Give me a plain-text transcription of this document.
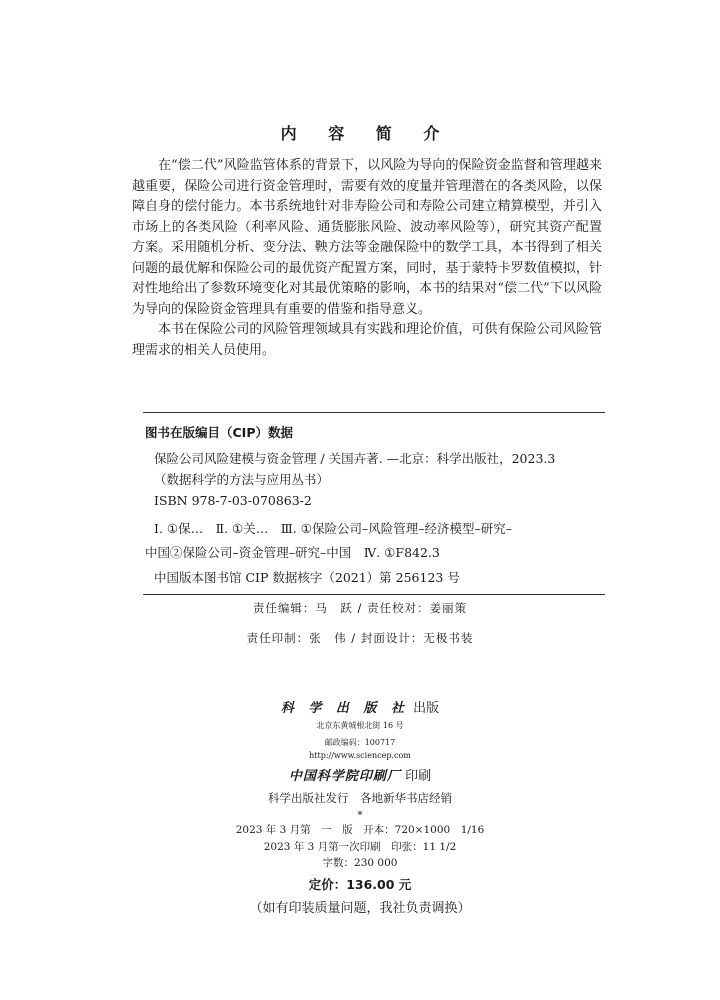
内 容 简 介

在“偿二代”风险监管体系的背景下，以风险为导向的保险资金监督和管理越来越重要，保险公司进行资金管理时，需要有效的度量并管理潜在的各类风险，以保障自身的偿付能力。本书系统地针对非寿险公司和寿险公司建立精算模型，并引入市场上的各类风险（利率风险、通货膨胀风险、波动率风险等），研究其资产配置方案。采用随机分析、变分法、鞅方法等金融保险中的数学工具，本书得到了相关问题的最优解和保险公司的最优资产配置方案，同时，基于蒙特卡罗数值模拟，针对性地给出了参数环境变化对其最优策略的影响，本书的结果对“偿二代”下以风险为导向的保险资金管理具有重要的借鉴和指导意义。

本书在保险公司的风险管理领域具有实践和理论价值，可供有保险公司风险管理需求的相关人员使用。

图书在版编目（CIP）数据
保险公司风险建模与资金管理 / 关国卉著. —北京：科学出版社，2023.3
（数据科学的方法与应用丛书）
ISBN 978-7-03-070863-2
Ⅰ. ①保…　Ⅱ. ①关…　Ⅲ. ①保险公司–风险管理–经济模型–研究–
中国②保险公司–资金管理–研究–中国　Ⅳ. ①F842.3
中国版本图书馆 CIP 数据核字（2021）第 256123 号
责任编辑：马　跃 / 责任校对：姜丽策
责任印制：张　伟 / 封面设计：无极书装
科 学 出 版 社 出版
北京东黄城根北街 16 号
邮政编码：100717
http://www.sciencep.com
中国科学院印刷厂 印刷
科学出版社发行　各地新华书店经销
*
2023 年 3 月第　一　版　开本：720×1000　1/16
2023 年 3 月第一次印刷　印张：11 1/2
字数：230 000
定价：136.00 元
（如有印装质量问题，我社负责调换）
